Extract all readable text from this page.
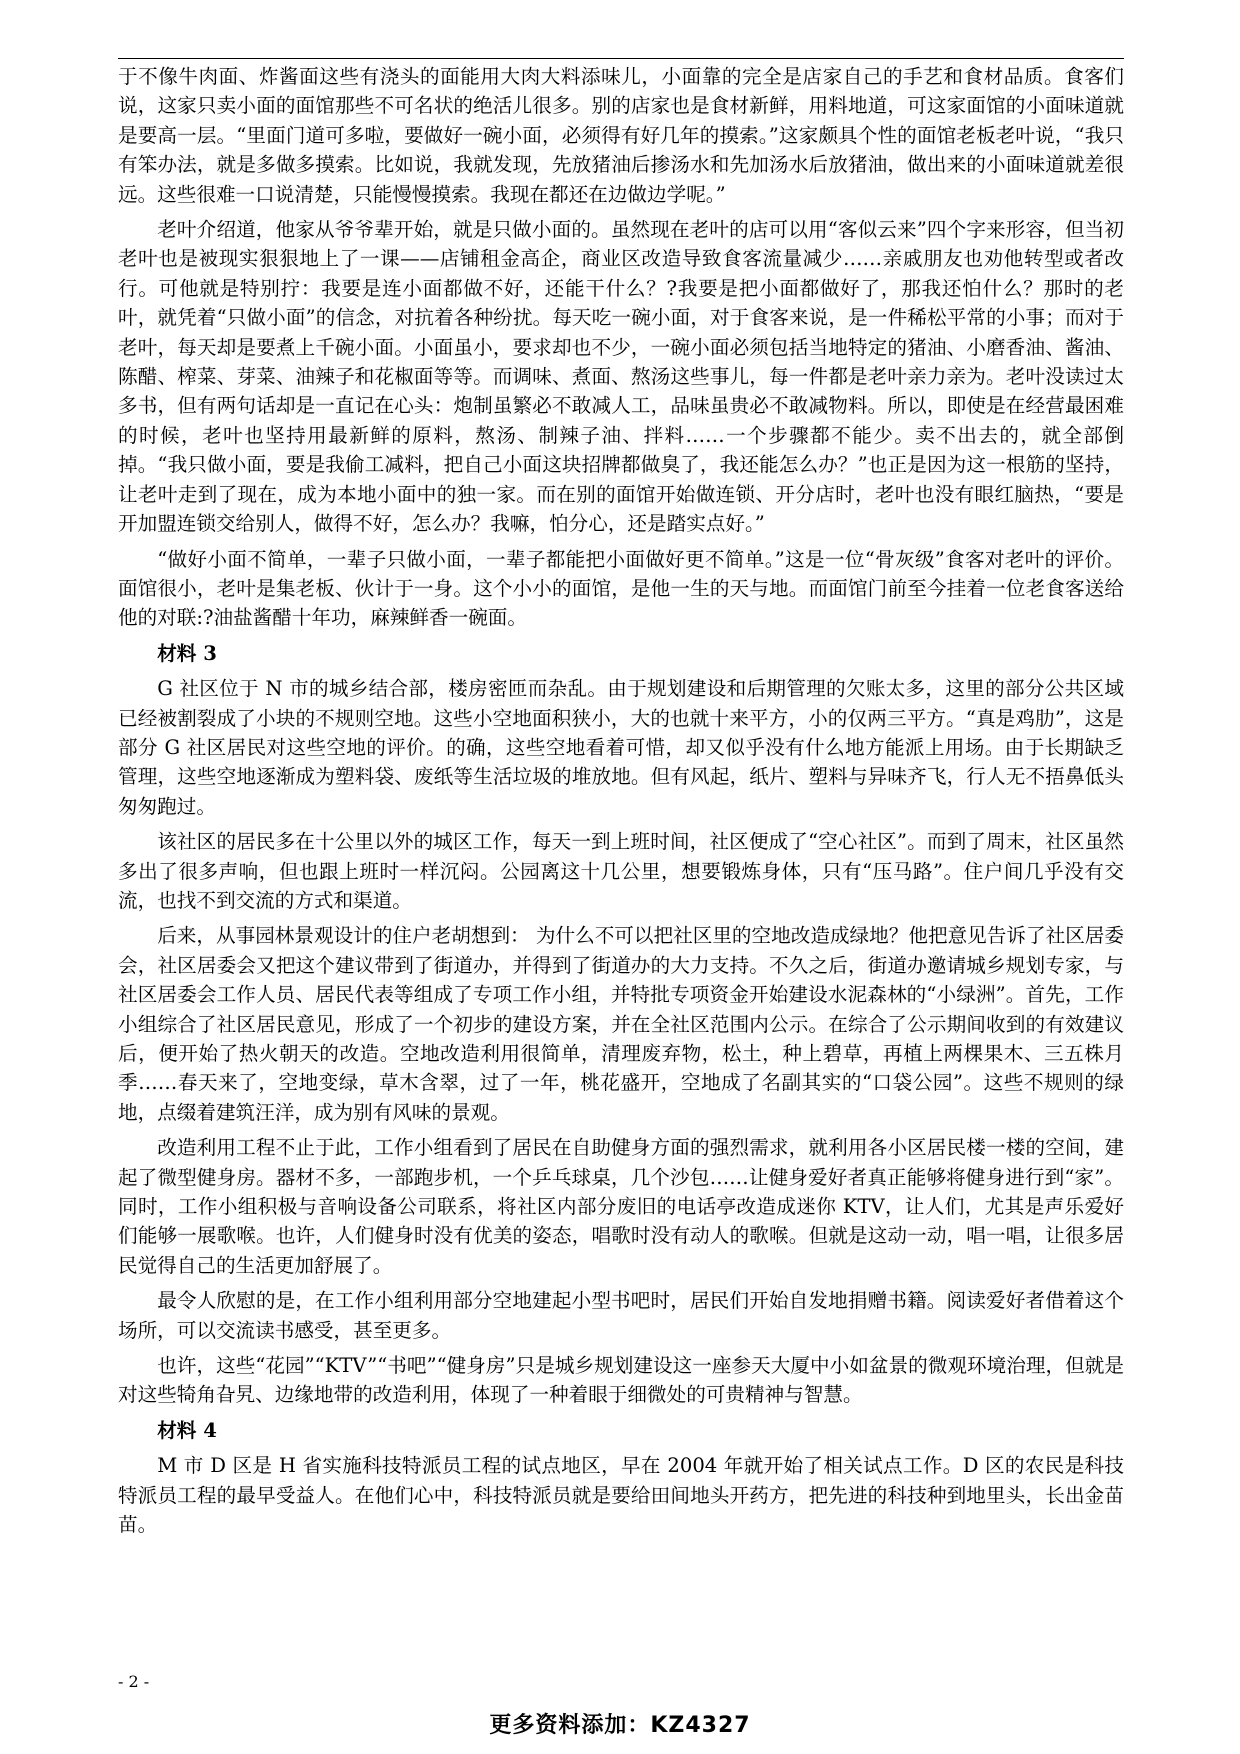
于不像牛肉面、炸酱面这些有浇头的面能用大肉大料添味儿，小面靠的完全是店家自己的手艺和食材品质。食客们说，这家只卖小面的面馆那些不可名状的绝活儿很多。别的店家也是食材新鲜，用料地道，可这家面馆的小面味道就是要高一层。“里面门道可多啦，要做好一碗小面，必须得有好几年的摸索。”这家颇具个性的面馆老板老叶说，“我只有笨办法，就是多做多摸索。比如说，我就发现，先放猪油后掺汤水和先加汤水后放猪油，做出来的小面味道就差很远。这些很难一口说清楚，只能慢慢摸索。我现在都还在边做边学呢。”

老叶介绍道，他家从爷爷辈开始，就是只做小面的。虽然现在老叶的店可以用“客似云来”四个字来形容，但当初老叶也是被现实狠狠地上了一课——店铺租金高企，商业区改造导致食客流量减少……亲戚朋友也劝他转型或者改行。可他就是特别拧：我要是连小面都做不好，还能干什么？?我要是把小面都做好了，那我还怕什么？那时的老叶，就凭着“只做小面”的信念，对抗着各种纷扰。每天吃一碗小面，对于食客来说，是一件稀松平常的小事；而对于老叶，每天却是要煮上千碗小面。小面虽小，要求却也不少，一碗小面必须包括当地特定的猪油、小磨香油、酱油、陈醋、榨菜、芽菜、油辣子和花椒面等等。而调味、煮面、熬汤这些事儿，每一件都是老叶亲力亲为。老叶没读过太多书，但有两句话却是一直记在心头：炮制虽繁必不敢减人工，品味虽贵必不敢减物料。所以，即使是在经营最困难的时候，老叶也坚持用最新鲜的原料，熬汤、制辣子油、拌料……一个步骤都不能少。卖不出去的，就全部倒掉。“我只做小面，要是我偷工减料，把自己小面这块招牌都做臭了，我还能怎么办？”也正是因为这一根筋的坚持，让老叶走到了现在，成为本地小面中的独一家。而在别的面馆开始做连锁、开分店时，老叶也没有眼红脑热，“要是开加盟连锁交给别人，做得不好，怎么办？我嘛，怕分心，还是踏实点好。”

“做好小面不简单，一辈子只做小面，一辈子都能把小面做好更不简单。”这是一位“骨灰级”食客对老叶的评价。面馆很小，老叶是集老板、伙计于一身。这个小小的面馆，是他一生的天与地。而面馆门前至今挂着一位老食客送给他的对联:?油盐酱醋十年功，麻辣鲜香一碗面。

材料 3

G 社区位于 N 市的城乡结合部，楼房密匝而杂乱。由于规划建设和后期管理的欠账太多，这里的部分公共区域已经被割裂成了小块的不规则空地。这些小空地面积狭小，大的也就十来平方，小的仅两三平方。“真是鸡肋”，这是部分 G 社区居民对这些空地的评价。的确，这些空地看着可惜，却又似乎没有什么地方能派上用场。由于长期缺乏管理，这些空地逐渐成为塑料袋、废纸等生活垃圾的堆放地。但有风起，纸片、塑料与异味齐飞，行人无不捂鼻低头匆匆跑过。

该社区的居民多在十公里以外的城区工作，每天一到上班时间，社区便成了“空心社区”。而到了周末，社区虽然多出了很多声响，但也跟上班时一样沉闷。公园离这十几公里，想要锻炼身体，只有“压马路”。住户间几乎没有交流，也找不到交流的方式和渠道。

后来，从事园林景观设计的住户老胡想到： 为什么不可以把社区里的空地改造成绿地？他把意见告诉了社区居委会，社区居委会又把这个建议带到了街道办，并得到了街道办的大力支持。不久之后，街道办邀请城乡规划专家，与社区居委会工作人员、居民代表等组成了专项工作小组，并特批专项资金开始建设水泥森林的“小绿洲”。首先，工作小组综合了社区居民意见，形成了一个初步的建设方案，并在全社区范围内公示。在综合了公示期间收到的有效建议后，便开始了热火朝天的改造。空地改造利用很简单，清理废弃物，松土，种上碧草，再植上两棵果木、三五株月季……春天来了，空地变绿，草木含翠，过了一年，桃花盛开，空地成了名副其实的“口袋公园”。这些不规则的绿地，点缀着建筑汪洋，成为别有风味的景观。

改造利用工程不止于此，工作小组看到了居民在自助健身方面的强烈需求，就利用各小区居民楼一楼的空间，建起了微型健身房。器材不多，一部跑步机，一个乒乓球桌，几个沙包……让健身爱好者真正能够将健身进行到“家”。同时，工作小组积极与音响设备公司联系，将社区内部分废旧的电话亭改造成迷你 KTV，让人们，尤其是声乐爱好们能够一展歌喉。也许，人们健身时没有优美的姿态，唱歌时没有动人的歌喉。但就是这动一动，唱一唱，让很多居民觉得自己的生活更加舒展了。

最令人欣慰的是，在工作小组利用部分空地建起小型书吧时，居民们开始自发地捐赠书籍。阅读爱好者借着这个场所，可以交流读书感受，甚至更多。

也许，这些“花园”“KTV”“书吧”“健身房”只是城乡规划建设这一座参天大厦中小如盆景的微观环境治理，但就是对这些犄角旮旯、边缘地带的改造利用，体现了一种着眼于细微处的可贵精神与智慧。

材料 4

M 市 D 区是 H 省实施科技特派员工程的试点地区，早在 2004 年就开始了相关试点工作。D 区的农民是科技特派员工程的最早受益人。在他们心中，科技特派员就是要给田间地头开药方，把先进的科技种到地里头，长出金苗苗。

- 2 -
更多资料添加：KZ4327
